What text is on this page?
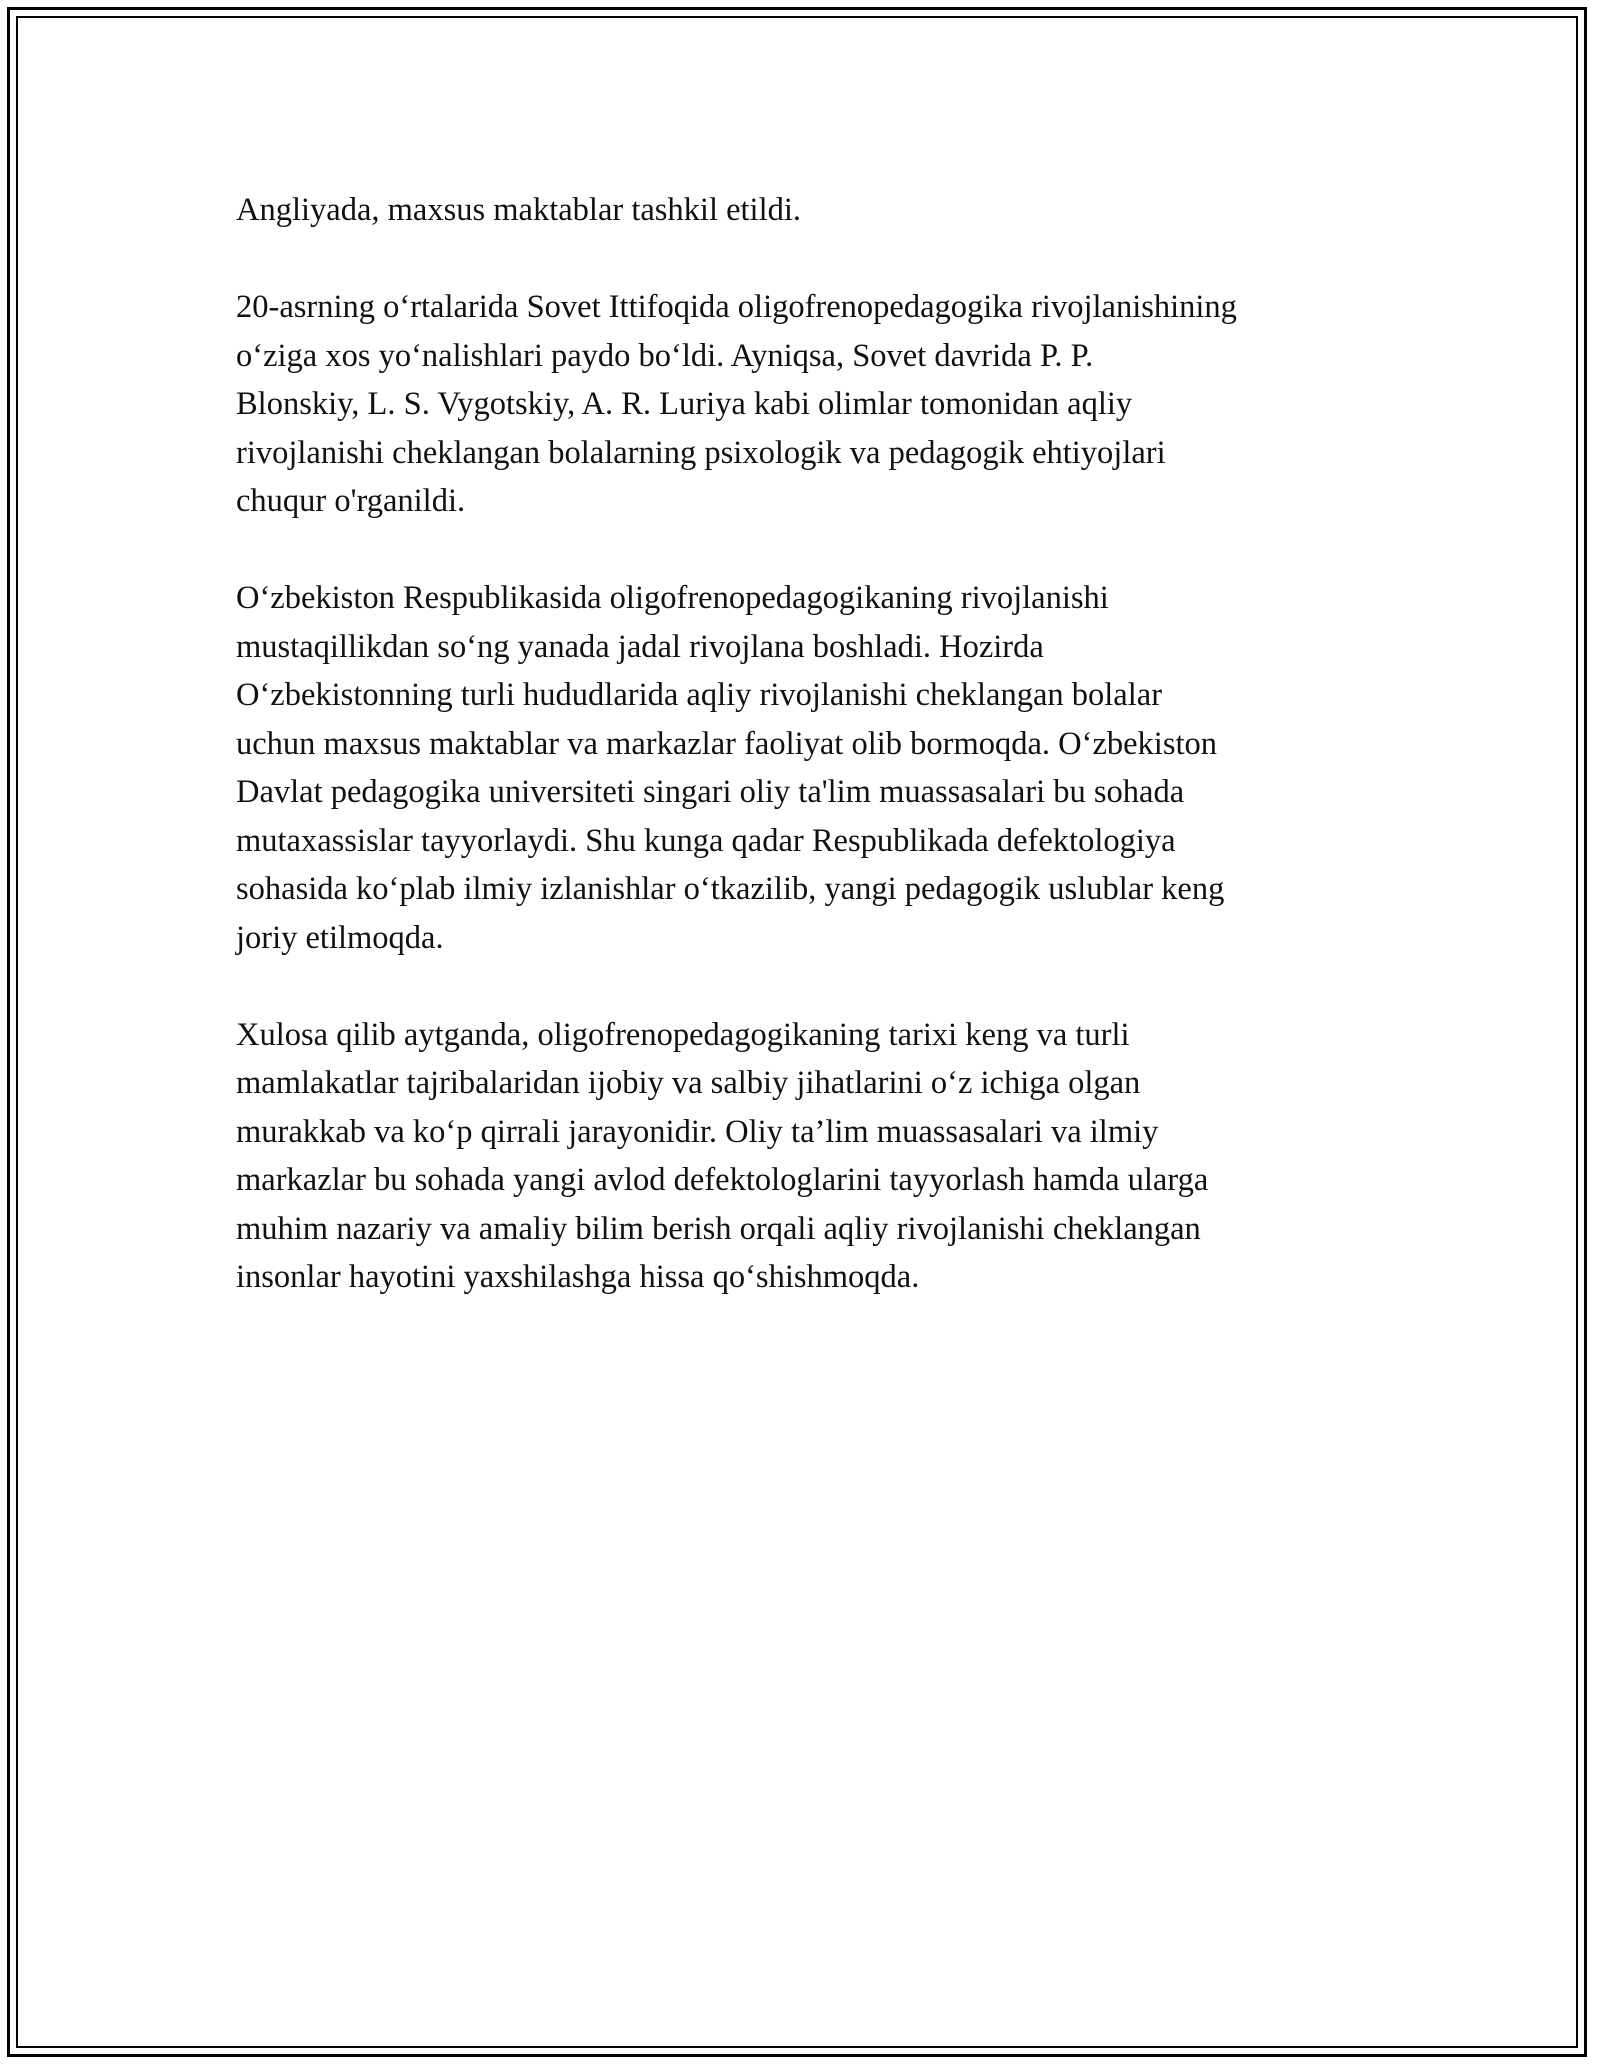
Angliyada, maxsus maktablar tashkil etildi.

20-asrning o‘rtalarida Sovet Ittifoqida oligofrenopedagogika rivojlanishining
o‘ziga xos yo‘nalishlari paydo bo‘ldi. Ayniqsa, Sovet davrida P. P.
Blonskiy, L. S. Vygotskiy, A. R. Luriya kabi olimlar tomonidan aqliy
rivojlanishi cheklangan bolalarning psixologik va pedagogik ehtiyojlari
chuqur o'rganildi.

O‘zbekiston Respublikasida oligofrenopedagogikaning rivojlanishi
mustaqillikdan so‘ng yanada jadal rivojlana boshladi. Hozirda
O‘zbekistonning turli hududlarida aqliy rivojlanishi cheklangan bolalar
uchun maxsus maktablar va markazlar faoliyat olib bormoqda. O‘zbekiston
Davlat pedagogika universiteti singari oliy ta'lim muassasalari bu sohada
mutaxassislar tayyorlaydi. Shu kunga qadar Respublikada defektologiya
sohasida ko‘plab ilmiy izlanishlar o‘tkazilib, yangi pedagogik uslublar keng
joriy etilmoqda.

Xulosa qilib aytganda, oligofrenopedagogikaning tarixi keng va turli
mamlakatlar tajribalaridan ijobiy va salbiy jihatlarini o‘z ichiga olgan
murakkab va ko‘p qirrali jarayonidir. Oliy ta’lim muassasalari va ilmiy
markazlar bu sohada yangi avlod defektologlarini tayyorlash hamda ularga
muhim nazariy va amaliy bilim berish orqali aqliy rivojlanishi cheklangan
insonlar hayotini yaxshilashga hissa qo‘shishmoqda.
